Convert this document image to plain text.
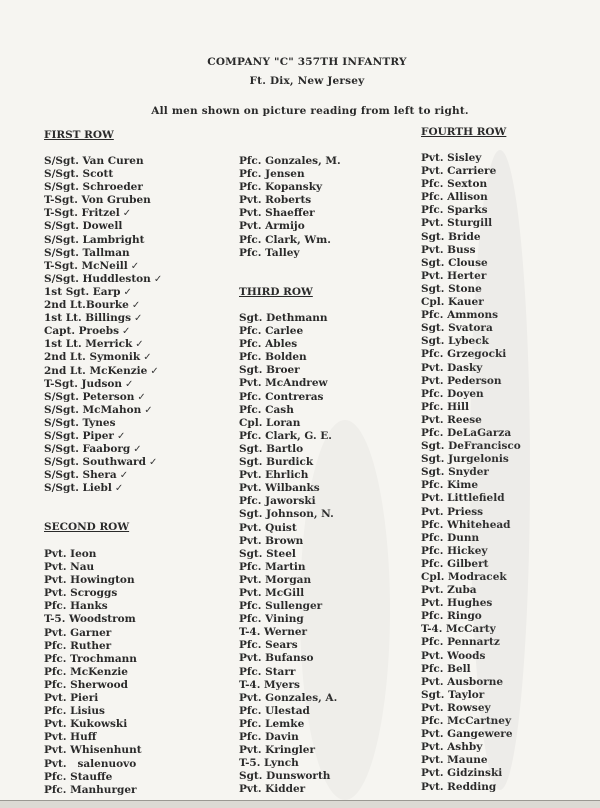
COMPANY "C" 357TH INFANTRY
Ft. Dix, New Jersey
All men shown on picture reading from left to right.
FIRST ROW
S/Sgt. Van Curen
S/Sgt. Scott
S/Sgt. Schroeder
T-Sgt. Von Gruben
T-Sgt. Fritzel ✓
S/Sgt. Dowell
S/Sgt. Lambright
S/Sgt. Tallman
T-Sgt. McNeill ✓
S/Sgt. Huddleston ✓
1st Sgt. Earp ✓
2nd Lt.Bourke ✓
1st Lt. Billings ✓
Capt. Proebs ✓
1st Lt. Merrick ✓
2nd Lt. Symonik ✓
2nd Lt. McKenzie ✓
T-Sgt. Judson ✓
S/Sgt. Peterson ✓
S/Sgt. McMahon ✓
S/Sgt. Tynes
S/Sgt. Piper ✓
S/Sgt. Faaborg ✓
S/Sgt. Southward ✓
S/Sgt. Shera ✓
S/Sgt. Liebl ✓
SECOND ROW
Pvt. Ieon
Pvt. Nau
Pvt. Howington
Pvt. Scroggs
Pfc. Hanks
T-5. Woodstrom
Pvt. Garner
Pfc. Ruther
Pfc. Trochmann
Pfc. McKenzie
Pfc. Sherwood
Pvt. Pieri
Pfc. Lisius
Pvt. Kukowski
Pvt. Huff
Pvt. Whisenhunt
Pvt.   salenuovo
Pfc. Stauffe
Pfc. Manhurger
Pfc. Gonzales, M.
Pfc. Jensen
Pfc. Kopansky
Pvt. Roberts
Pvt. Shaeffer
Pvt. Armijo
Pfc. Clark, Wm.
Pfc. Talley
THIRD ROW
Sgt. Dethmann
Pfc. Carlee
Pfc. Ables
Pfc. Bolden
Sgt. Broer
Pvt. McAndrew
Pfc. Contreras
Pfc. Cash
Cpl. Loran
Pfc. Clark, G. E.
Sgt. Bartlo
Sgt. Burdick
Pvt. Ehrlich
Pvt. Wilbanks
Pfc. Jaworski
Sgt. Johnson, N.
Pvt. Quist
Pvt. Brown
Sgt. Steel
Pfc. Martin
Pvt. Morgan
Pvt. McGill
Pfc. Sullenger
Pfc. Vining
T-4. Werner
Pfc. Sears
Pvt. Bufanso
Pfc. Starr
T-4. Myers
Pvt. Gonzales, A.
Pfc. Ulestad
Pfc. Lemke
Pfc. Davin
Pvt. Kringler
T-5. Lynch
Sgt. Dunsworth
Pvt. Kidder
FOURTH ROW
Pvt. Sisley
Pvt. Carriere
Pfc. Sexton
Pfc. Allison
Pfc. Sparks
Pvt. Sturgill
Sgt. Bride
Pvt. Buss
Sgt. Clouse
Pvt. Herter
Sgt. Stone
Cpl. Kauer
Pfc. Ammons
Sgt. Svatora
Sgt. Lybeck
Pfc. Grzegocki
Pvt. Dasky
Pvt. Pederson
Pfc. Doyen
Pfc. Hill
Pvt. Reese
Pfc. DeLaGarza
Sgt. DeFrancisco
Sgt. Jurgelonis
Sgt. Snyder
Pfc. Kime
Pvt. Littlefield
Pvt. Priess
Pfc. Whitehead
Pfc. Dunn
Pfc. Hickey
Pfc. Gilbert
Cpl. Modracek
Pvt. Zuba
Pvt. Hughes
Pfc. Ringo
T-4. McCarty
Pfc. Pennartz
Pvt. Woods
Pfc. Bell
Pvt. Ausborne
Sgt. Taylor
Pvt. Rowsey
Pfc. McCartney
Pvt. Gangewere
Pvt. Ashby
Pvt. Maune
Pvt. Gidzinski
Pvt. Redding
